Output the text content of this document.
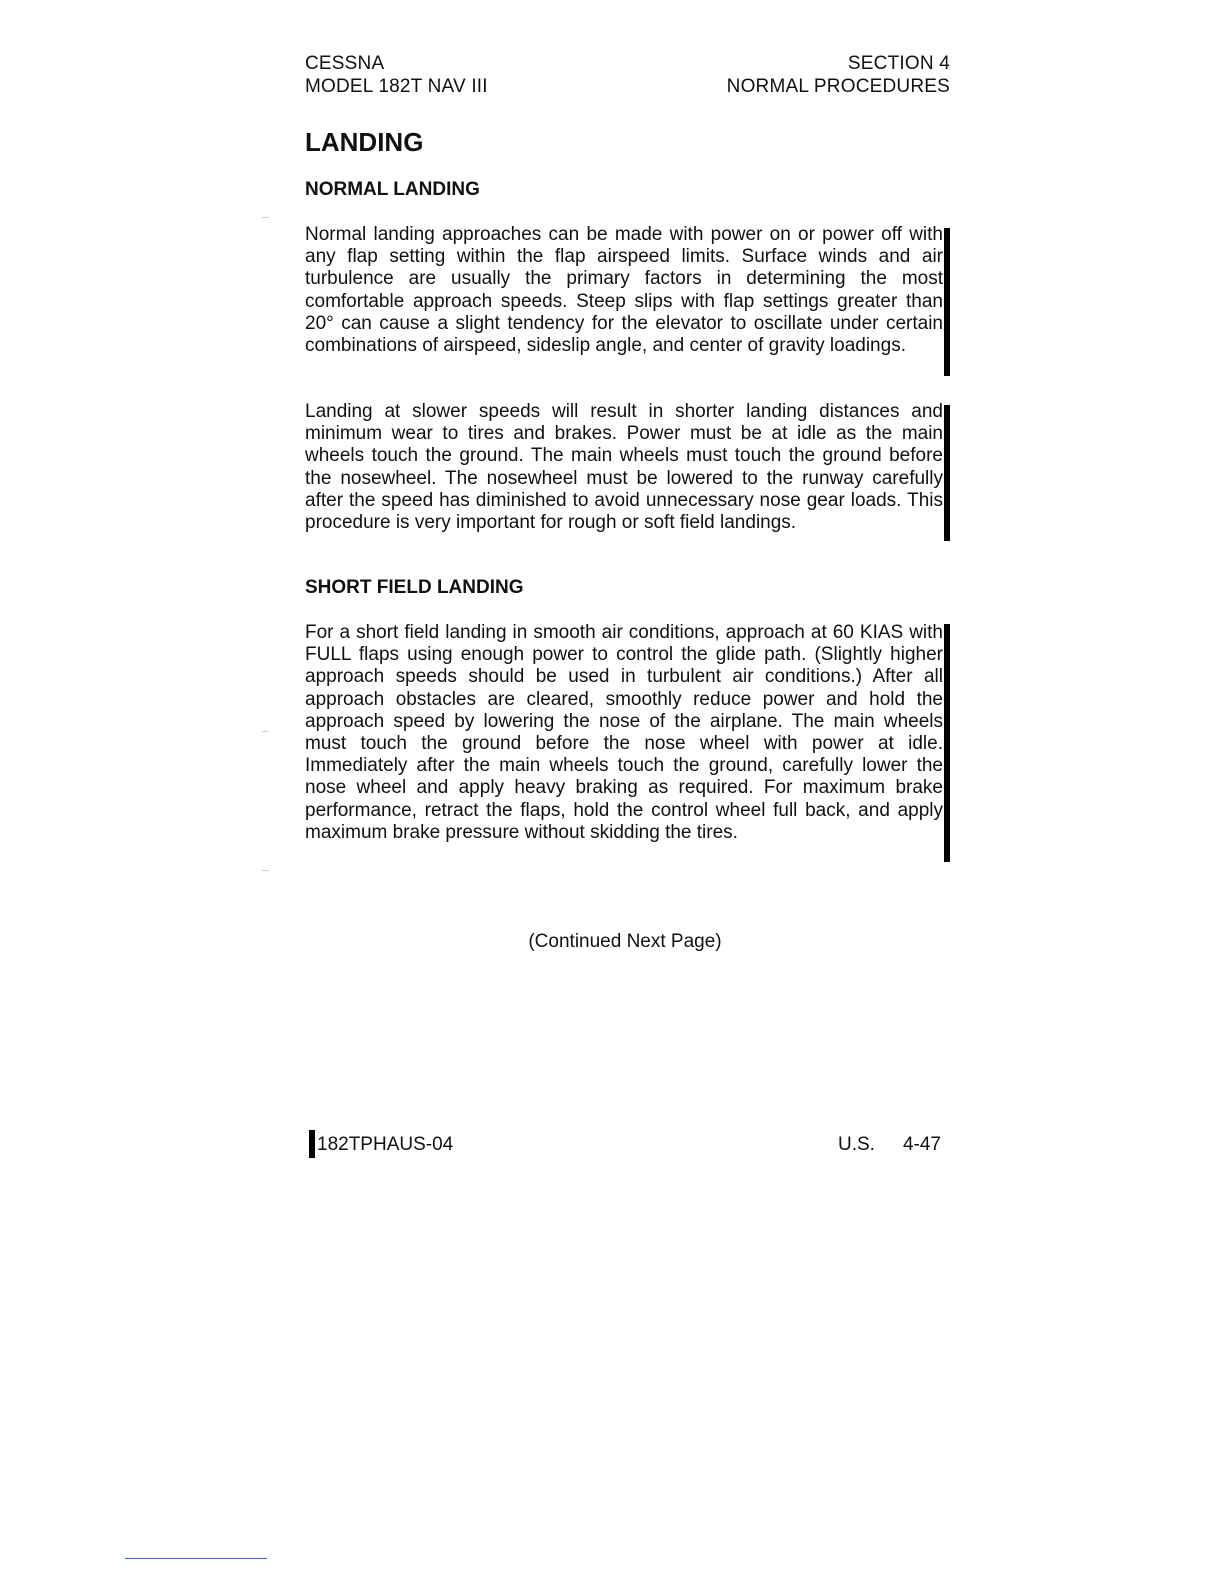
CESSNA
MODEL 182T NAV III
SECTION 4
NORMAL PROCEDURES
LANDING
NORMAL LANDING

Normal landing approaches can be made with power on or power off with any flap setting within the flap airspeed limits. Surface winds and air turbulence are usually the primary factors in determining the most comfortable approach speeds. Steep slips with flap settings greater than 20° can cause a slight tendency for the elevator to oscillate under certain combinations of airspeed, sideslip angle, and center of gravity loadings.

Landing at slower speeds will result in shorter landing distances and minimum wear to tires and brakes. Power must be at idle as the main wheels touch the ground. The main wheels must touch the ground before the nosewheel. The nosewheel must be lowered to the runway carefully after the speed has diminished to avoid unnecessary nose gear loads. This procedure is very important for rough or soft field landings.

SHORT FIELD LANDING

For a short field landing in smooth air conditions, approach at 60 KIAS with FULL flaps using enough power to control the glide path. (Slightly higher approach speeds should be used in turbulent air conditions.) After all approach obstacles are cleared, smoothly reduce power and hold the approach speed by lowering the nose of the airplane. The main wheels must touch the ground before the nose wheel with power at idle. Immediately after the main wheels touch the ground, carefully lower the nose wheel and apply heavy braking as required. For maximum brake performance, retract the flaps, hold the control wheel full back, and apply maximum brake pressure without skidding the tires.

(Continued Next Page)
182TPHAUS-04	U.S. 4-47
